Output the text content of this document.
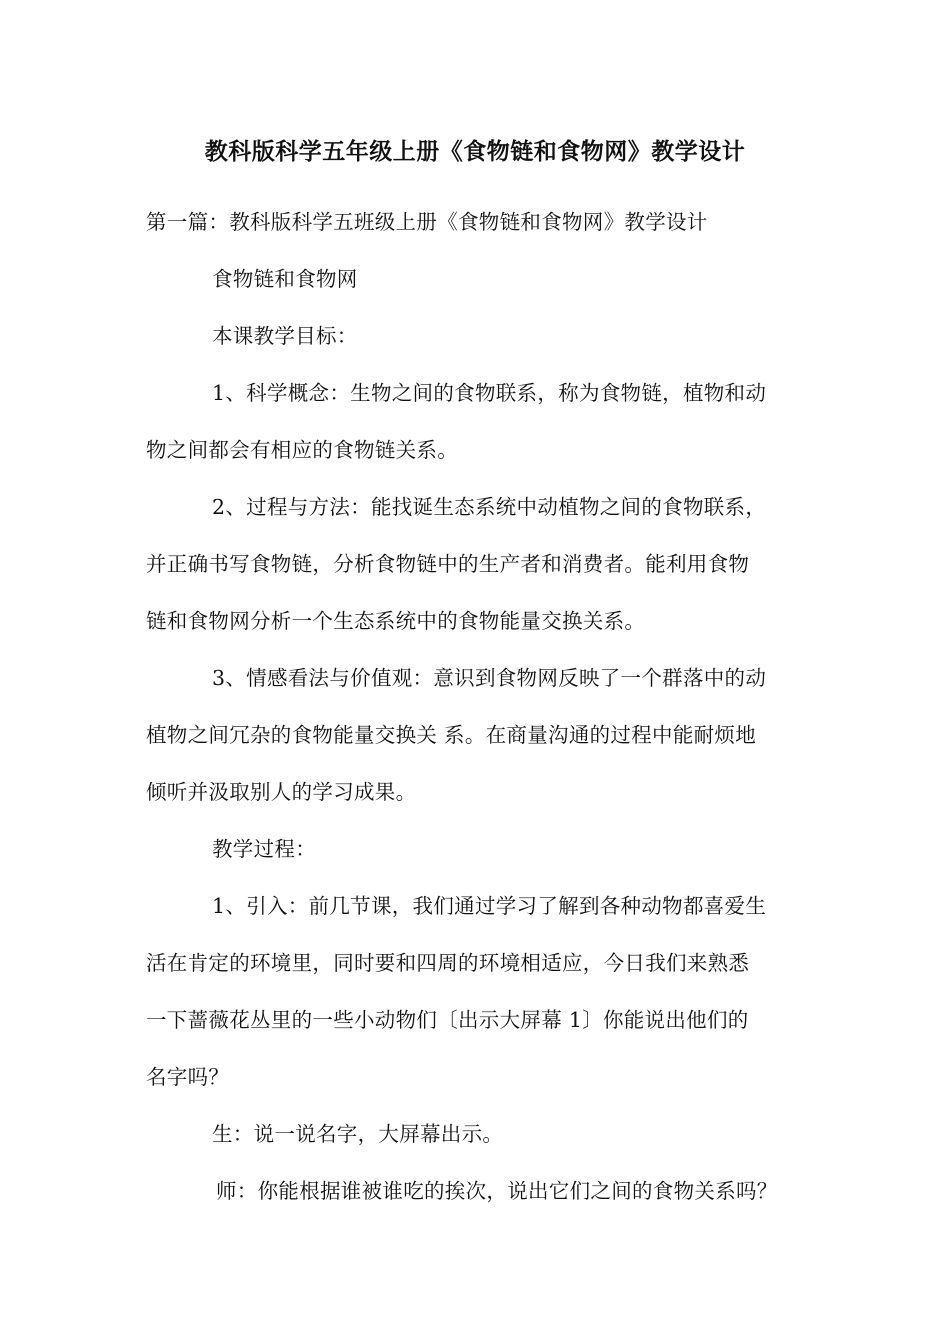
教科版科学五年级上册《食物链和食物网》教学设计
第一篇：教科版科学五班级上册《食物链和食物网》教学设计
食物链和食物网
本课教学目标：
1、科学概念：生物之间的食物联系，称为食物链，植物和动
物之间都会有相应的食物链关系。
2、过程与方法：能找诞生态系统中动植物之间的食物联系，
并正确书写食物链，分析食物链中的生产者和消费者。能利用食物
链和食物网分析一个生态系统中的食物能量交换关系。
3、情感看法与价值观：意识到食物网反映了一个群落中的动
植物之间冗杂的食物能量交换关 系。在商量沟通的过程中能耐烦地
倾听并汲取别人的学习成果。
教学过程：
1、引入：前几节课，我们通过学习了解到各种动物都喜爱生
活在肯定的环境里，同时要和四周的环境相适应，今日我们来熟悉
一下蔷薇花丛里的一些小动物们〔出示大屏幕 1〕你能说出他们的
名字吗？
生：说一说名字，大屏幕出示。
师：你能根据谁被谁吃的挨次，说出它们之间的食物关系吗？
